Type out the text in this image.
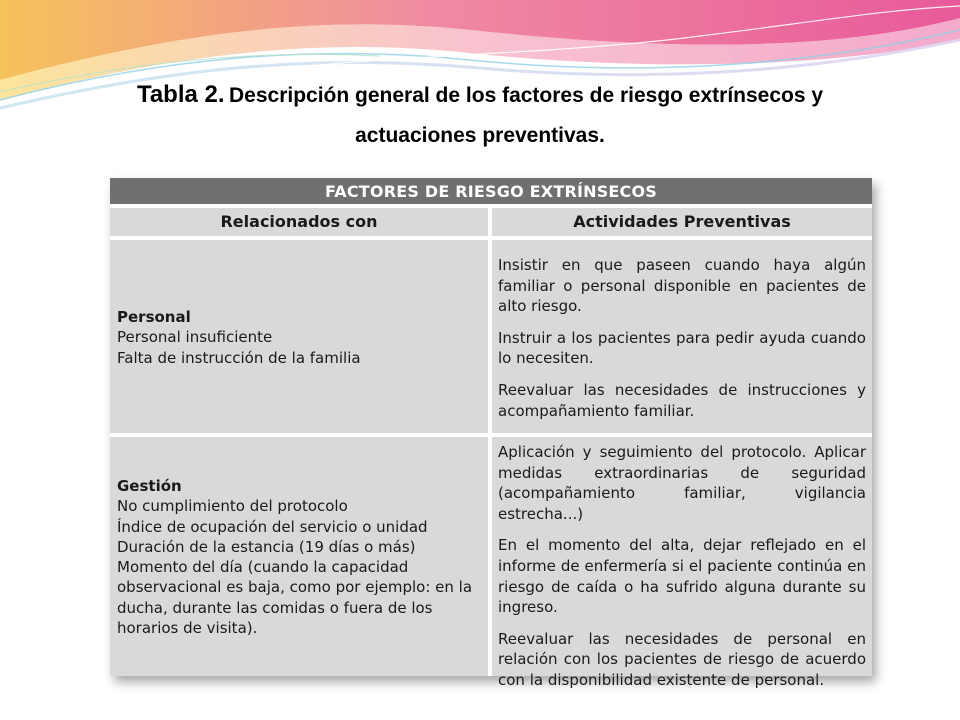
Tabla 2. Descripción general de los factores de riesgo extrínsecos y
actuaciones preventivas.
FACTORES DE RIESGO EXTRÍNSECOS
Relacionados con	Actividades Preventivas
Personal
Personal insuficiente
Falta de instrucción de la familia

Insistir en que paseen cuando haya algún familiar o personal disponible en pacientes de alto riesgo.

Instruir a los pacientes para pedir ayuda cuando lo necesiten.

Reevaluar las necesidades de instrucciones y acompañamiento familiar.

Gestión
No cumplimiento del protocolo
Índice de ocupación del servicio o unidad
Duración de la estancia (19 días o más)
Momento del día (cuando la capacidad observacional es baja, como por ejemplo: en la ducha, durante las comidas o fuera de los horarios de visita).

Aplicación y seguimiento del protocolo. Aplicar medidas extraordinarias de seguridad (acompañamiento familiar, vigilancia estrecha...)

En el momento del alta, dejar reflejado en el informe de enfermería si el paciente continúa en riesgo de caída o ha sufrido alguna durante su ingreso.

Reevaluar las necesidades de personal en relación con los pacientes de riesgo de acuerdo con la disponibilidad existente de personal.
